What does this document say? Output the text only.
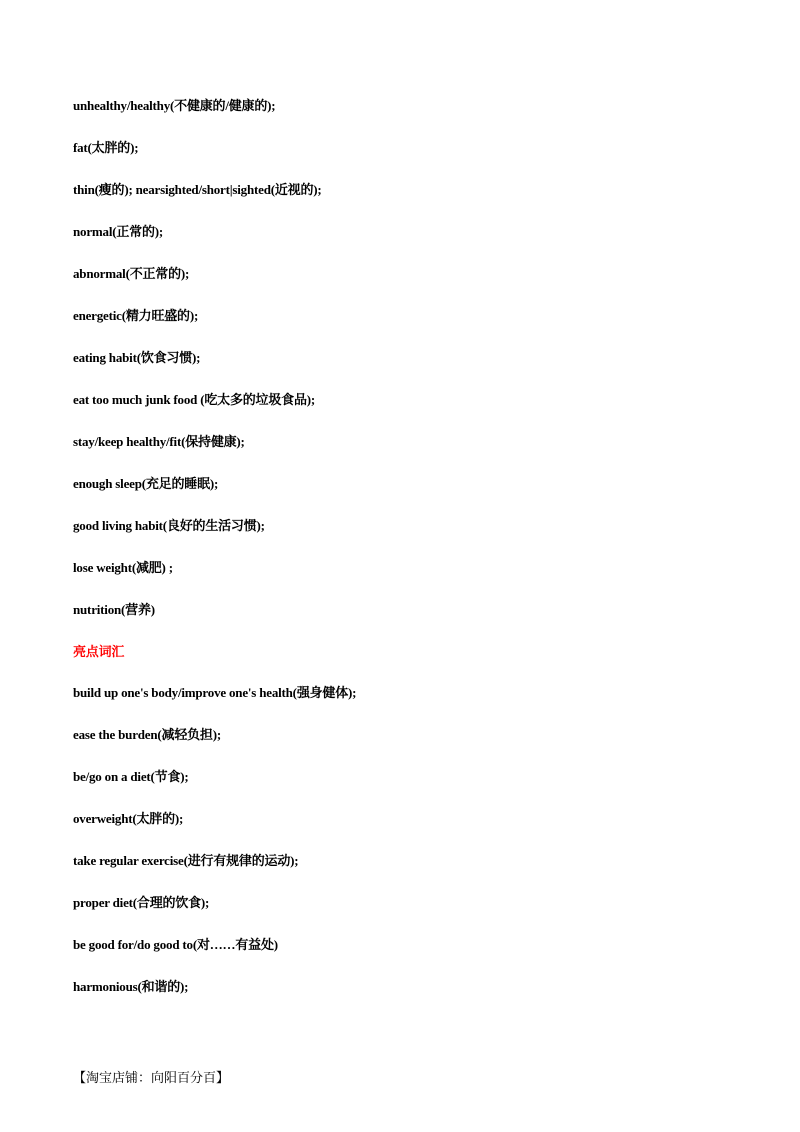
unhealthy/healthy(不健康的/健康的);
fat(太胖的);
thin(瘦的); nearsighted/short|sighted(近视的);
normal(正常的);
abnormal(不正常的);
energetic(精力旺盛的);
eating habit(饮食习惯);
eat too much junk food (吃太多的垃圾食品);
stay/keep healthy/fit(保持健康);
enough sleep(充足的睡眠);
good living habit(良好的生活习惯);
lose weight(减肥) ;
nutrition(营养)
亮点词汇
build up one's body/improve one's health(强身健体);
ease the burden(减轻负担);
be/go on a diet(节食);
overweight(太胖的);
take regular exercise(进行有规律的运动);
proper diet(合理的饮食);
be good for/do good to(对……有益处)
harmonious(和谐的);
【淘宝店铺：向阳百分百】
